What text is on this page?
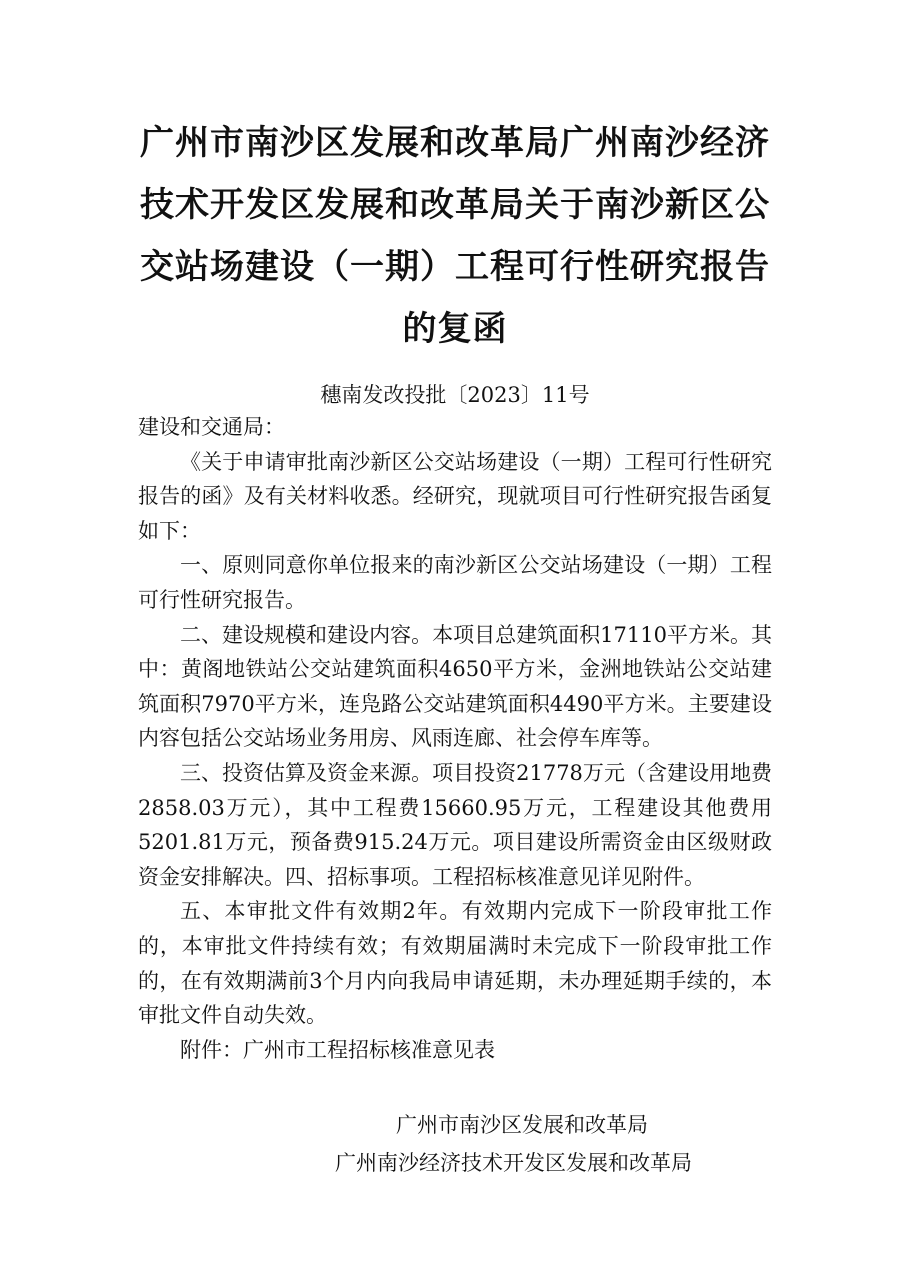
广州市南沙区发展和改革局广州南沙经济技术开发区发展和改革局关于南沙新区公交站场建设（一期）工程可行性研究报告的复函
穗南发改投批〔2023〕11号

建设和交通局：

《关于申请审批南沙新区公交站场建设（一期）工程可行性研究报告的函》及有关材料收悉。经研究，现就项目可行性研究报告函复如下：

一、原则同意你单位报来的南沙新区公交站场建设（一期）工程可行性研究报告。

二、建设规模和建设内容。本项目总建筑面积17110平方米。其中：黄阁地铁站公交站建筑面积4650平方米，金洲地铁站公交站建筑面积7970平方米，连凫路公交站建筑面积4490平方米。主要建设内容包括公交站场业务用房、风雨连廊、社会停车库等。

三、投资估算及资金来源。项目投资21778万元（含建设用地费2858.03万元），其中工程费15660.95万元，工程建设其他费用5201.81万元，预备费915.24万元。项目建设所需资金由区级财政资金安排解决。四、招标事项。工程招标核准意见详见附件。

五、本审批文件有效期2年。有效期内完成下一阶段审批工作的，本审批文件持续有效；有效期届满时未完成下一阶段审批工作的，在有效期满前3个月内向我局申请延期，未办理延期手续的，本审批文件自动失效。

附件：广州市工程招标核准意见表

广州市南沙区发展和改革局
广州南沙经济技术开发区发展和改革局
